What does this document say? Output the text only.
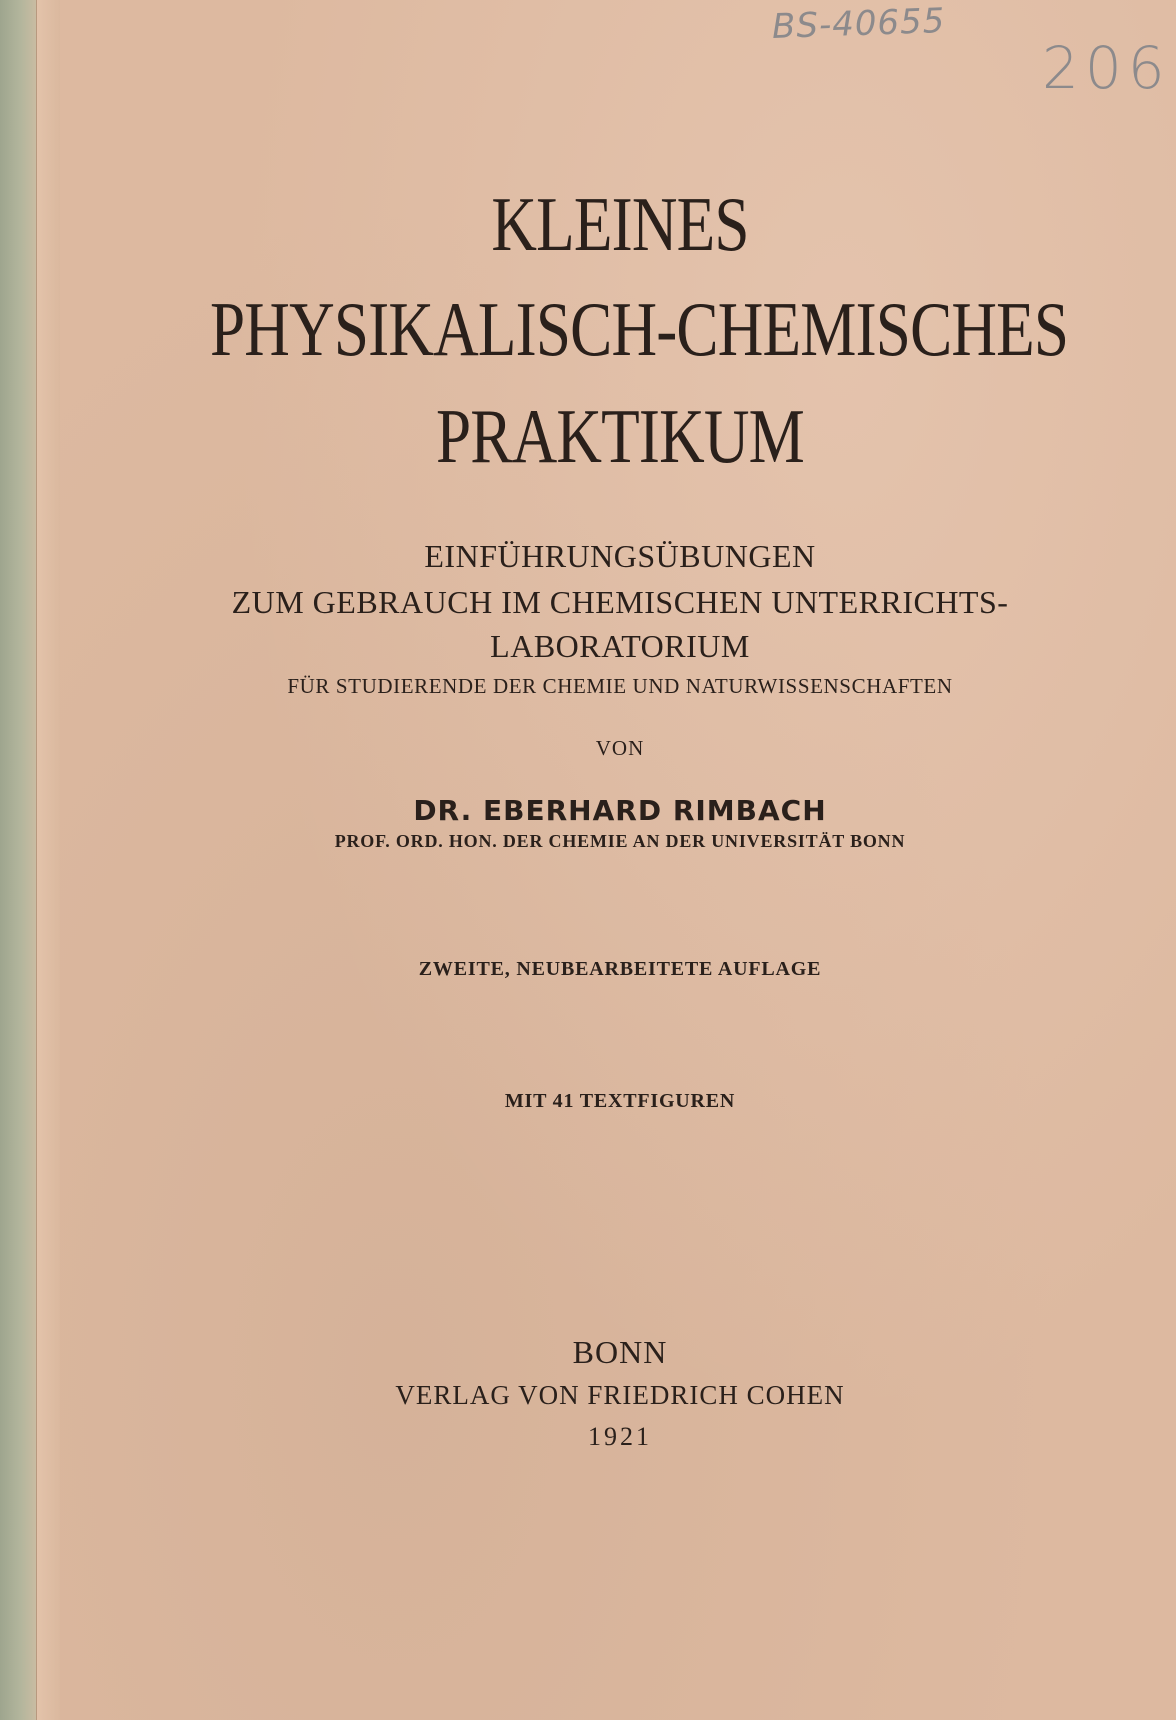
BS-40655
206
KLEINES
PHYSIKALISCH-CHEMISCHES
PRAKTIKUM
EINFÜHRUNGSÜBUNGEN
ZUM GEBRAUCH IM CHEMISCHEN UNTERRICHTS-
LABORATORIUM
FÜR STUDIERENDE DER CHEMIE UND NATURWISSENSCHAFTEN
VON
DR. EBERHARD RIMBACH
PROF. ORD. HON. DER CHEMIE AN DER UNIVERSITÄT BONN
ZWEITE, NEUBEARBEITETE AUFLAGE
MIT 41 TEXTFIGUREN
BONN
VERLAG VON FRIEDRICH COHEN
1921
